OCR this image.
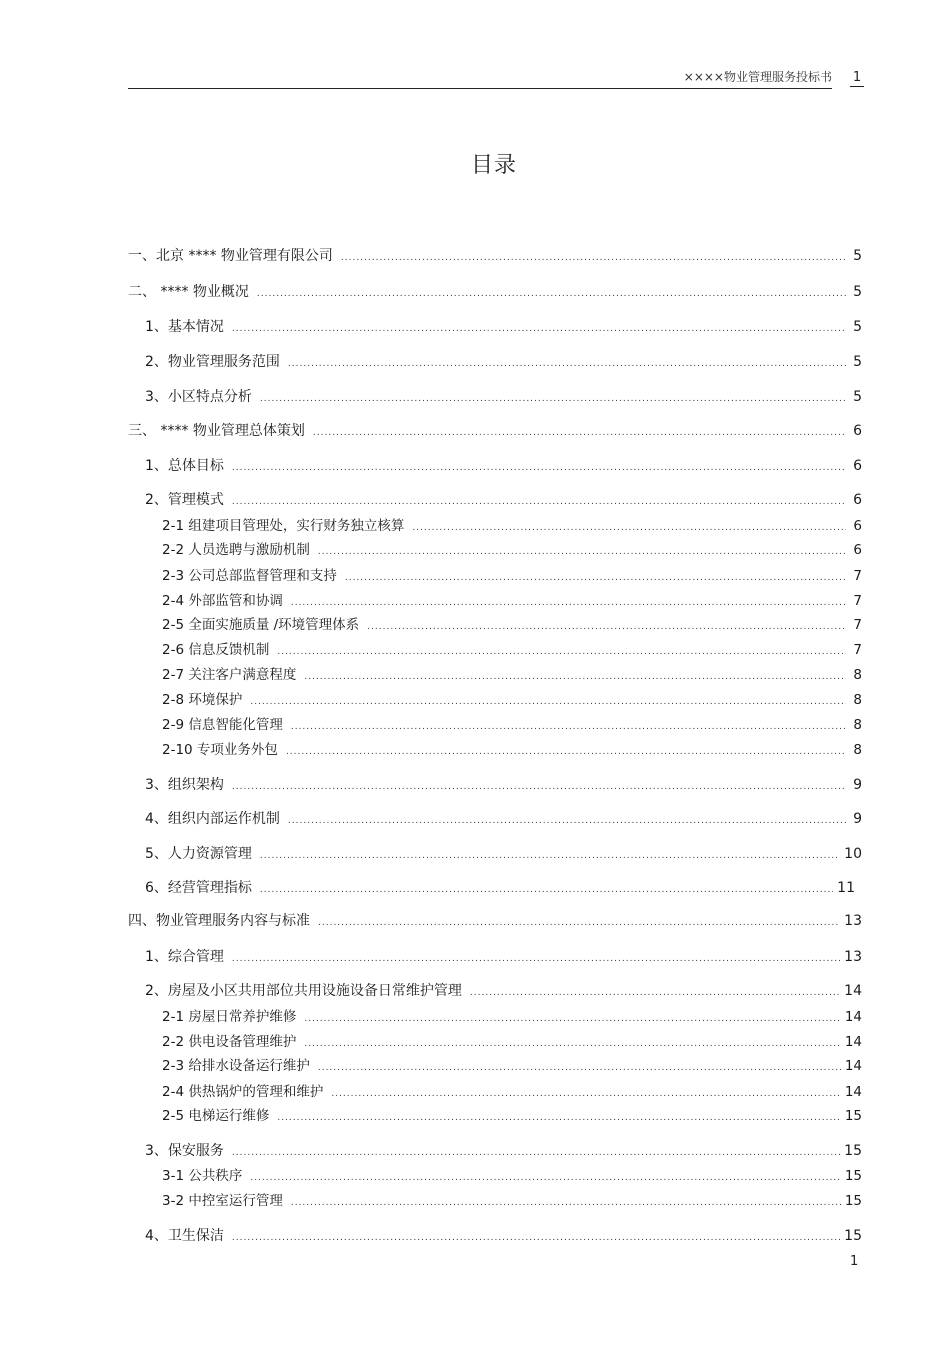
××××物业管理服务投标书 1
目录
一、北京 **** 物业管理有限公司 .....	5
二、 **** 物业概况 .....	5
1、基本情况 .....	5
2、物业管理服务范围 .....	5
3、小区特点分析 .....	5
三、 **** 物业管理总体策划 .....	6
1、总体目标 .....	6
2、管理模式 .....	6
2-1 组建项目管理处，实行财务独立核算 .....	6
2-2 人员选聘与激励机制 .....	6
2-3 公司总部监督管理和支持 .....	7
2-4 外部监管和协调 .....	7
2-5 全面实施质量 /环境管理体系 .....	7
2-6 信息反馈机制 .....	7
2-7 关注客户满意程度 .....	8
2-8 环境保护 .....	8
2-9 信息智能化管理 .....	8
2-10 专项业务外包 .....	8
3、组织架构 .....	9
4、组织内部运作机制 .....	9
5、人力资源管理 .....	10
6、经营管理指标 .....	11
四、物业管理服务内容与标准 .....	13
1、综合管理 .....	13
2、房屋及小区共用部位共用设施设备日常维护管理 .....	14
2-1 房屋日常养护维修 .....	14
2-2 供电设备管理维护 .....	14
2-3 给排水设备运行维护 .....	14
2-4 供热锅炉的管理和维护 .....	14
2-5 电梯运行维修 .....	15
3、保安服务 .....	15
3-1 公共秩序 .....	15
3-2 中控室运行管理 .....	15
4、卫生保洁 .....	15
1
